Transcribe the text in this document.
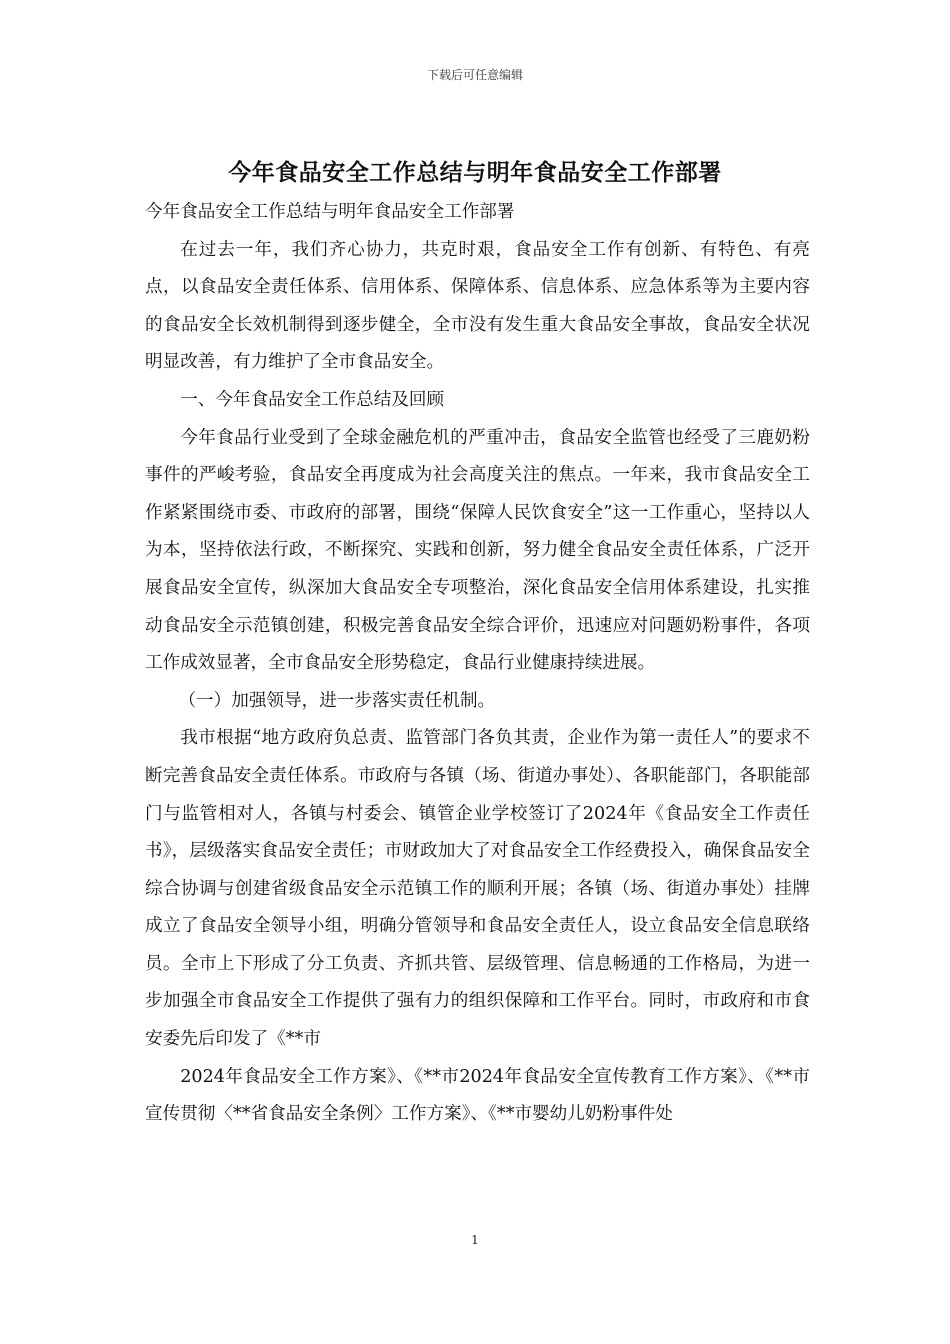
下载后可任意编辑
今年食品安全工作总结与明年食品安全工作部署

今年食品安全工作总结与明年食品安全工作部署

在过去一年，我们齐心协力，共克时艰，食品安全工作有创新、有特色、有亮点，以食品安全责任体系、信用体系、保障体系、信息体系、应急体系等为主要内容的食品安全长效机制得到逐步健全，全市没有发生重大食品安全事故，食品安全状况明显改善，有力维护了全市食品安全。

一、今年食品安全工作总结及回顾

今年食品行业受到了全球金融危机的严重冲击，食品安全监管也经受了三鹿奶粉事件的严峻考验，食品安全再度成为社会高度关注的焦点。一年来，我市食品安全工作紧紧围绕市委、市政府的部署，围绕“保障人民饮食安全”这一工作重心，坚持以人为本，坚持依法行政，不断探究、实践和创新，努力健全食品安全责任体系，广泛开展食品安全宣传，纵深加大食品安全专项整治，深化食品安全信用体系建设，扎实推动食品安全示范镇创建，积极完善食品安全综合评价，迅速应对问题奶粉事件，各项工作成效显著，全市食品安全形势稳定，食品行业健康持续进展。

（一）加强领导，进一步落实责任机制。

我市根据“地方政府负总责、监管部门各负其责，企业作为第一责任人”的要求不断完善食品安全责任体系。市政府与各镇（场、街道办事处）、各职能部门，各职能部门与监管相对人，各镇与村委会、镇管企业学校签订了2024年《食品安全工作责任书》，层级落实食品安全责任；市财政加大了对食品安全工作经费投入，确保食品安全综合协调与创建省级食品安全示范镇工作的顺利开展；各镇（场、街道办事处）挂牌成立了食品安全领导小组，明确分管领导和食品安全责任人，设立食品安全信息联络员。全市上下形成了分工负责、齐抓共管、层级管理、信息畅通的工作格局，为进一步加强全市食品安全工作提供了强有力的组织保障和工作平台。同时，市政府和市食安委先后印发了《**市

2024年食品安全工作方案》、《**市2024年食品安全宣传教育工作方案》、《**市宣传贯彻〈**省食品安全条例〉工作方案》、《**市婴幼儿奶粉事件处

1
